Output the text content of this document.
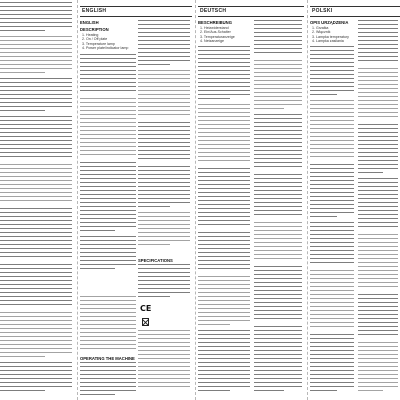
ENGLISH
ENGLISH
DESCRIPTION
1. Heating
2. On / Off plate
3. Temperature lamp
4. Power plate/indicator lamp
OPERATING THE MACHINE
SPECIFICATIONS
CE
DEUTSCH
BESCHREIBUNG
1. Heizwiderstand
2. Ein/Aus-Schalter
3. Temperaturanzeige
4. Netzanzeige
POLSKI
OPIS URZĄDZENIA
1. Grzałka
2. Włącznik
3. Lampka temperatury
4. Lampka zasilania
